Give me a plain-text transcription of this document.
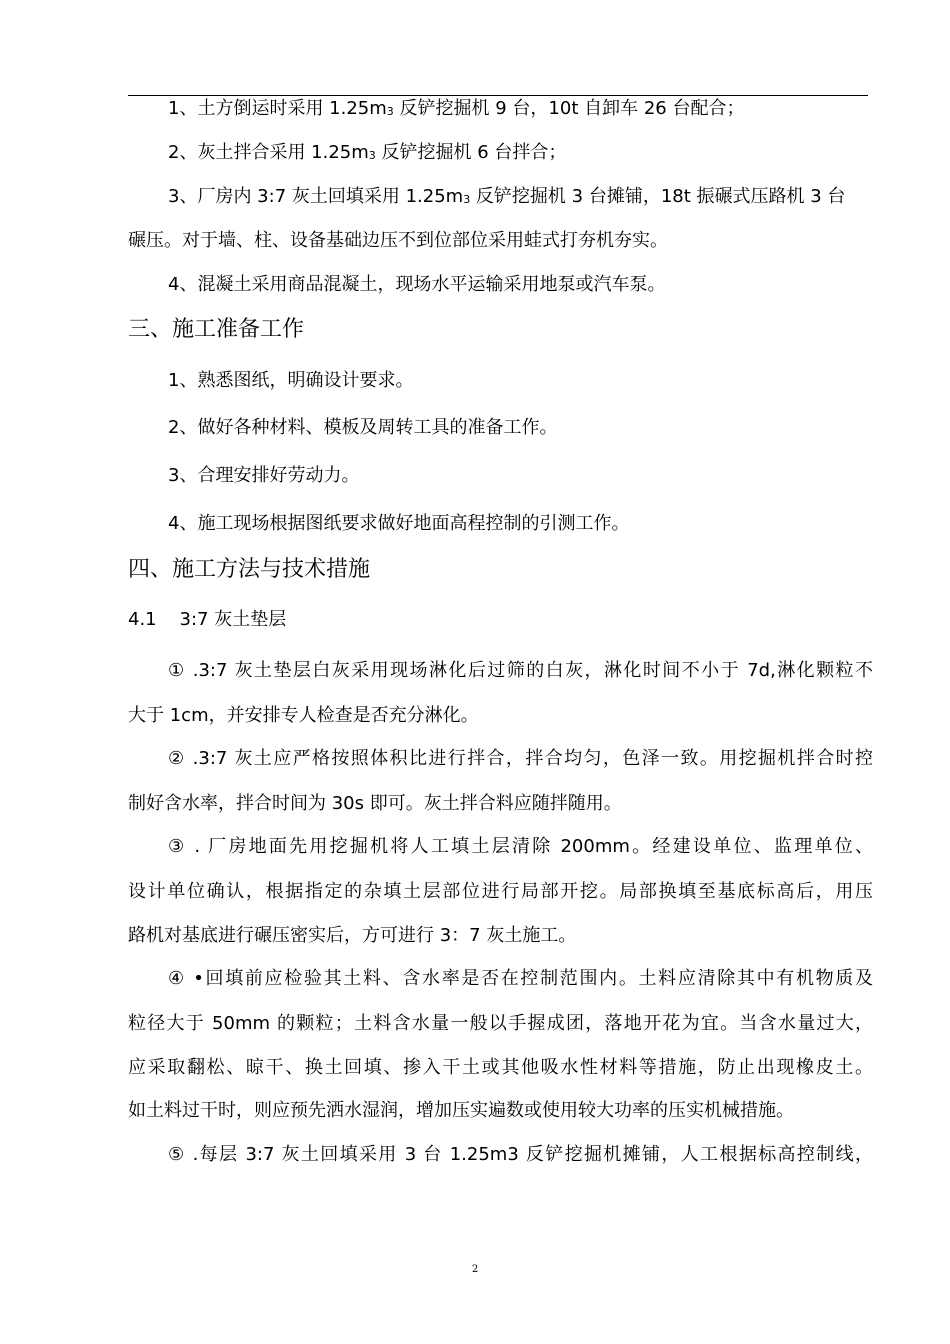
1、土方倒运时采用 1.25m3 反铲挖掘机 9 台，10t 自卸车 26 台配合；
2、灰土拌合采用 1.25m3 反铲挖掘机 6 台拌合；
3、厂房内 3:7 灰土回填采用 1.25m3 反铲挖掘机 3 台摊铺，18t 振碾式压路机 3 台
碾压。对于墙、柱、设备基础边压不到位部位采用蛙式打夯机夯实。
4、混凝土采用商品混凝土，现场水平运输采用地泵或汽车泵。
三、施工准备工作
1、熟悉图纸，明确设计要求。
2、做好各种材料、模板及周转工具的准备工作。
3、合理安排好劳动力。
4、施工现场根据图纸要求做好地面高程控制的引测工作。
四、施工方法与技术措施
4.1    3:7 灰土垫层
① .3:7 灰土垫层白灰采用现场淋化后过筛的白灰，淋化时间不小于 7d,淋化颗粒不
大于 1cm，并安排专人检查是否充分淋化。
② .3:7 灰土应严格按照体积比进行拌合，拌合均匀，色泽一致。用挖掘机拌合时控
制好含水率，拌合时间为 30s 即可。灰土拌合料应随拌随用。
③ . 厂房地面先用挖掘机将人工填土层清除 200mm。经建设单位、监理单位、
设计单位确认，根据指定的杂填土层部位进行局部开挖。局部换填至基底标高后，用压
路机对基底进行碾压密实后，方可进行 3：7 灰土施工。
④ •回填前应检验其土料、含水率是否在控制范围内。土料应清除其中有机物质及
粒径大于 50mm 的颗粒；土料含水量一般以手握成团，落地开花为宜。当含水量过大，
应采取翻松、晾干、换土回填、掺入干土或其他吸水性材料等措施，防止出现橡皮土。
如土料过干时，则应预先洒水湿润，增加压实遍数或使用较大功率的压实机械措施。
⑤ .每层 3:7 灰土回填采用 3 台 1.25m3 反铲挖掘机摊铺，人工根据标高控制线，
2
